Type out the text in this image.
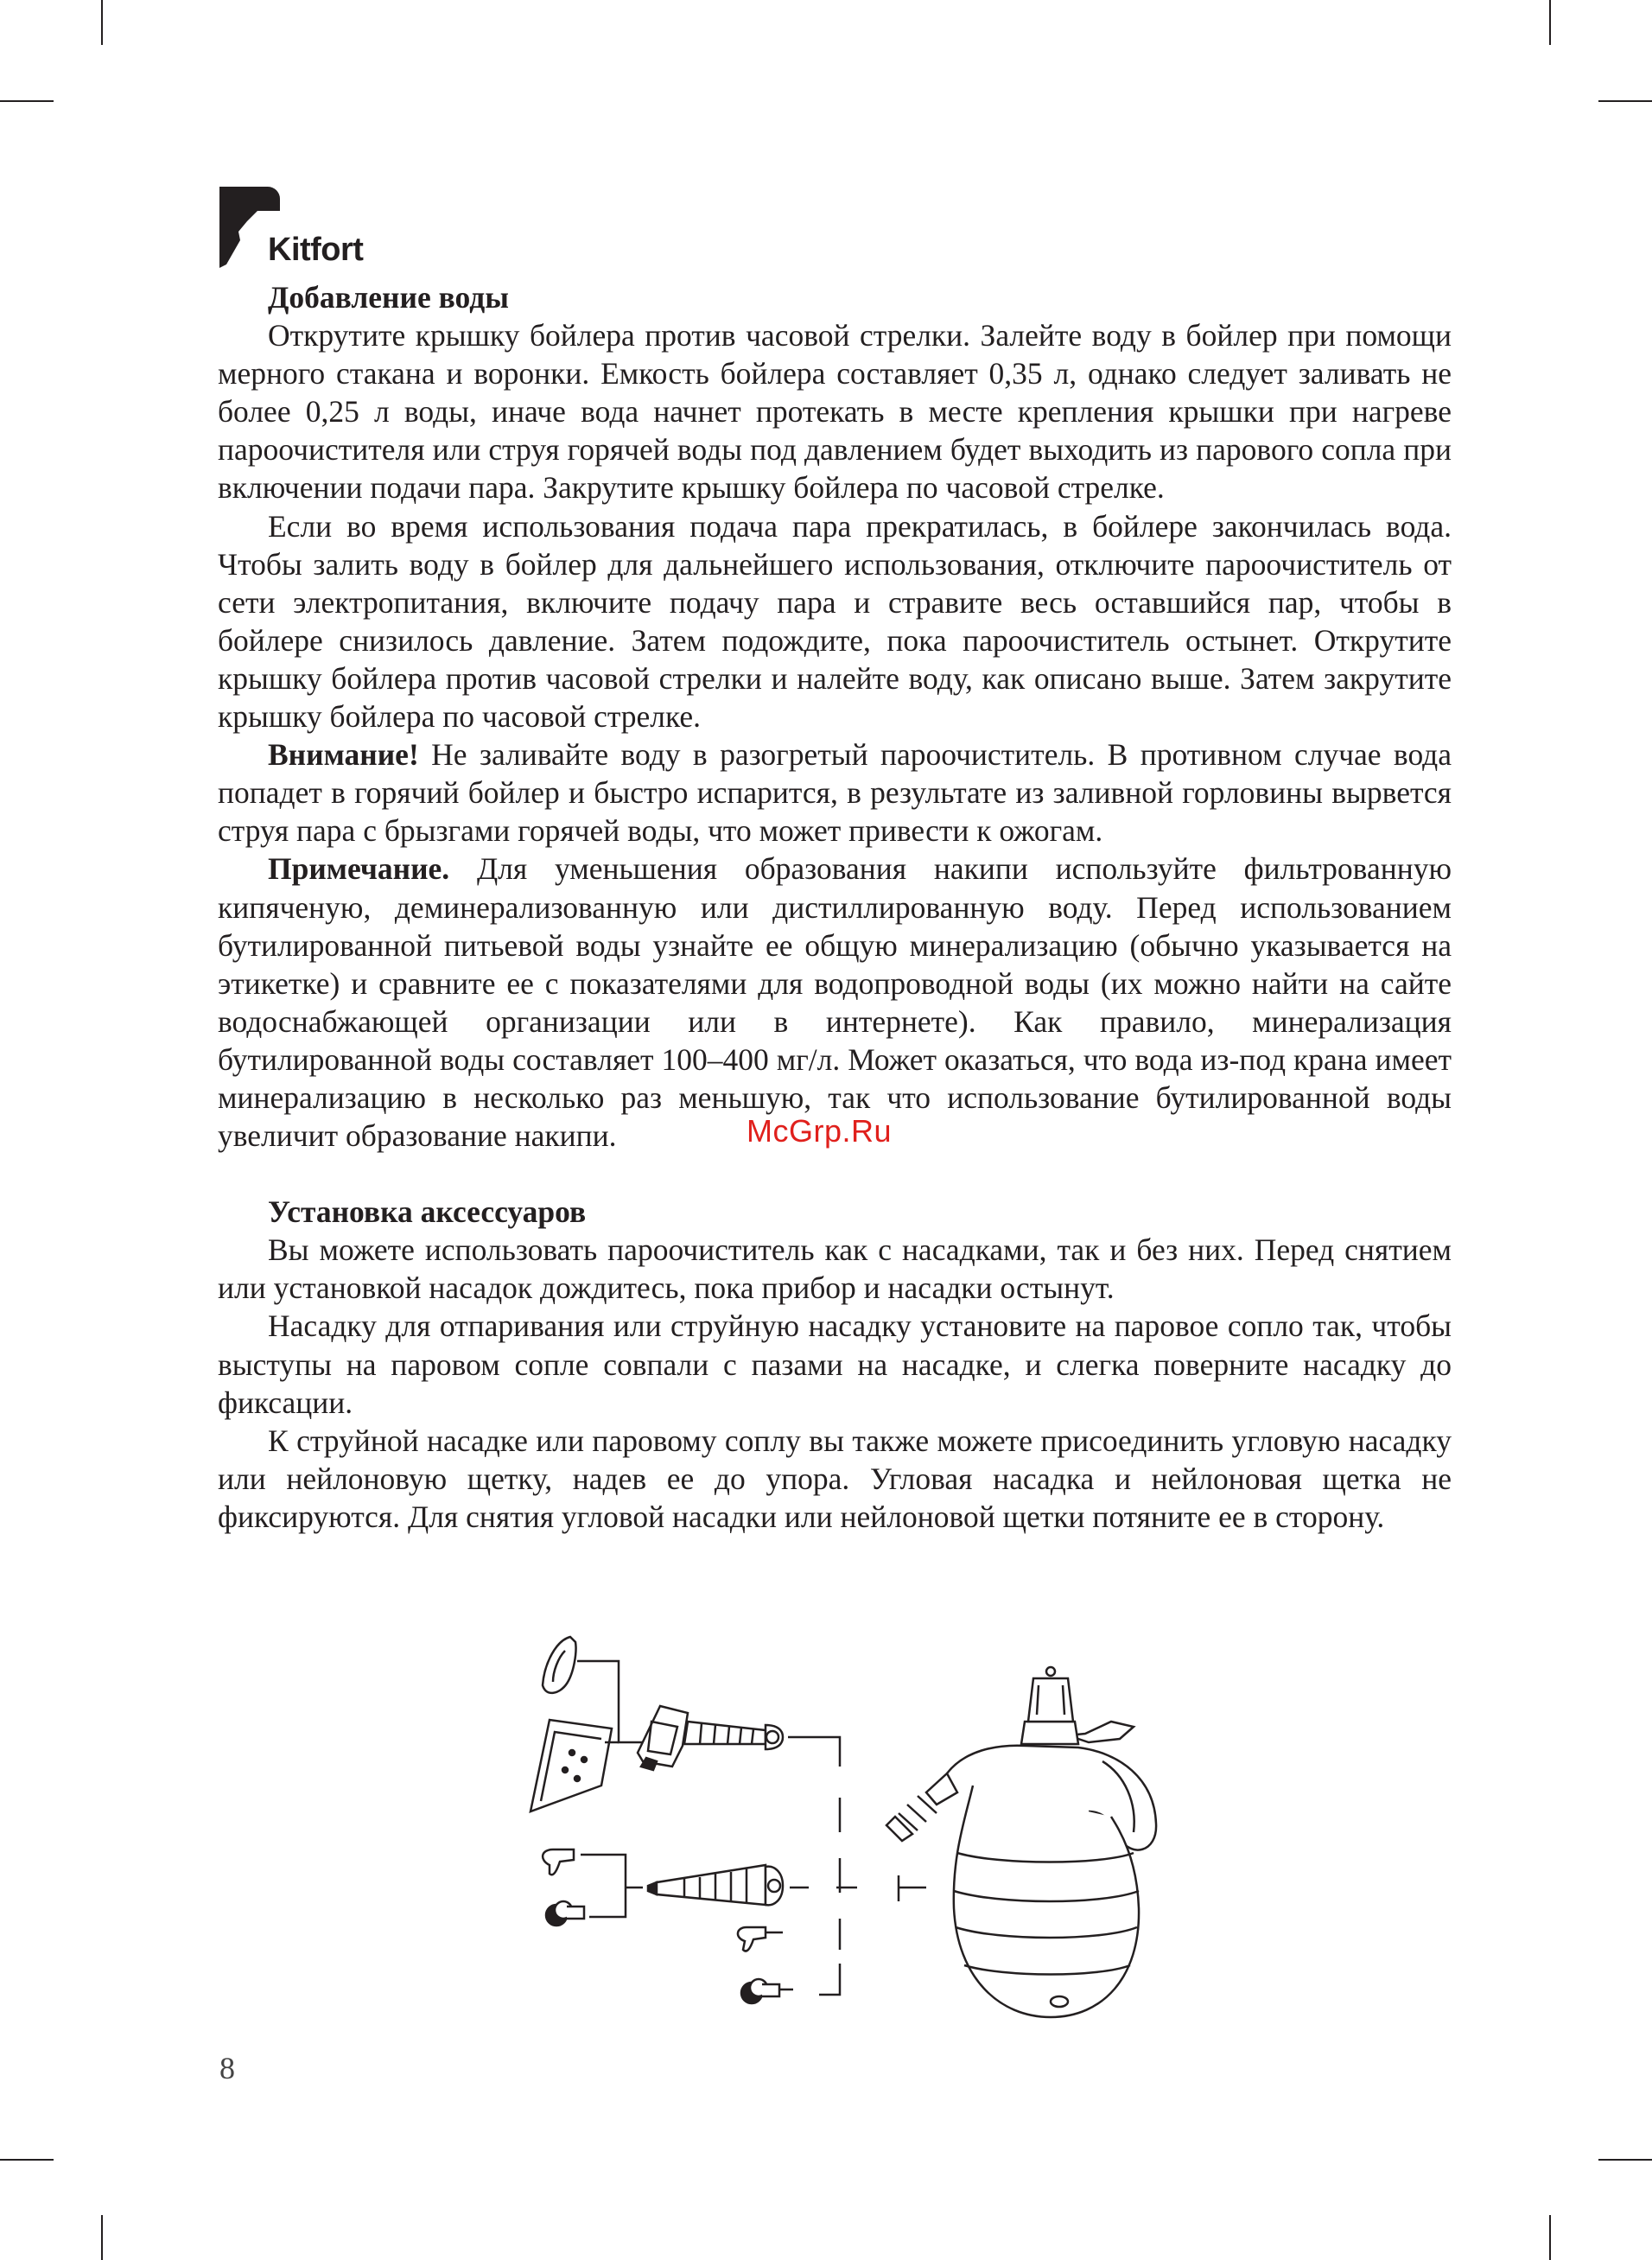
Kitfort
Добавление воды

Открутите крышку бойлера против часовой стрелки. Залейте воду в бойлер при помощи мерного стакана и воронки. Емкость бойлера составляет 0,35 л, однако следует заливать не более 0,25 л воды, иначе вода начнет протекать в месте крепления крышки при нагреве пароочистителя или струя горячей воды под давлением будет выходить из парового сопла при включении подачи пара. Закрутите крышку бойлера по часовой стрелке.

Если во время использования подача пара прекратилась, в бойлере закончилась вода. Чтобы залить воду в бойлер для дальнейшего использования, отключите пароочиститель от сети электропитания, включите подачу пара и стравите весь оставшийся пар, чтобы в бойлере снизилось давление. Затем подождите, пока пароочиститель остынет. Открутите крышку бойлера против часовой стрелки и налейте воду, как описано выше. Затем закрутите крышку бойлера по часовой стрелке.

Внимание! Не заливайте воду в разогретый пароочиститель. В противном случае вода попадет в горячий бойлер и быстро испарится, в результате из заливной горловины вырвется струя пара с брызгами горячей воды, что может привести к ожогам.

Примечание. Для уменьшения образования накипи используйте фильтрованную кипяченую, деминерализованную или дистиллированную воду. Перед использованием бутилированной питьевой воды узнайте ее общую минерализацию (обычно указывается на этикетке) и сравните ее с показателями для водопроводной воды (их можно найти на сайте водоснабжающей организации или в интернете). Как правило, минерализация бутилированной воды составляет 100–400 мг/л. Может оказаться, что вода из-под крана имеет минерализацию в несколько раз меньшую, так что использование бутилированной воды увеличит образование накипи.

Установка аксессуаров

Вы можете использовать пароочиститель как с насадками, так и без них. Перед снятием или установкой насадок дождитесь, пока прибор и насадки остынут.

Насадку для отпаривания или струйную насадку установите на паровое сопло так, чтобы выступы на паровом сопле совпали с пазами на насадке, и слегка поверните насадку до фиксации.

К струйной насадке или паровому соплу вы также можете присоединить угловую насадку или нейлоновую щетку, надев ее до упора. Угловая насадка и нейлоновая щетка не фиксируются. Для снятия угловой насадки или нейлоновой щетки потяните ее в сторону.

McGrp.Ru
8
